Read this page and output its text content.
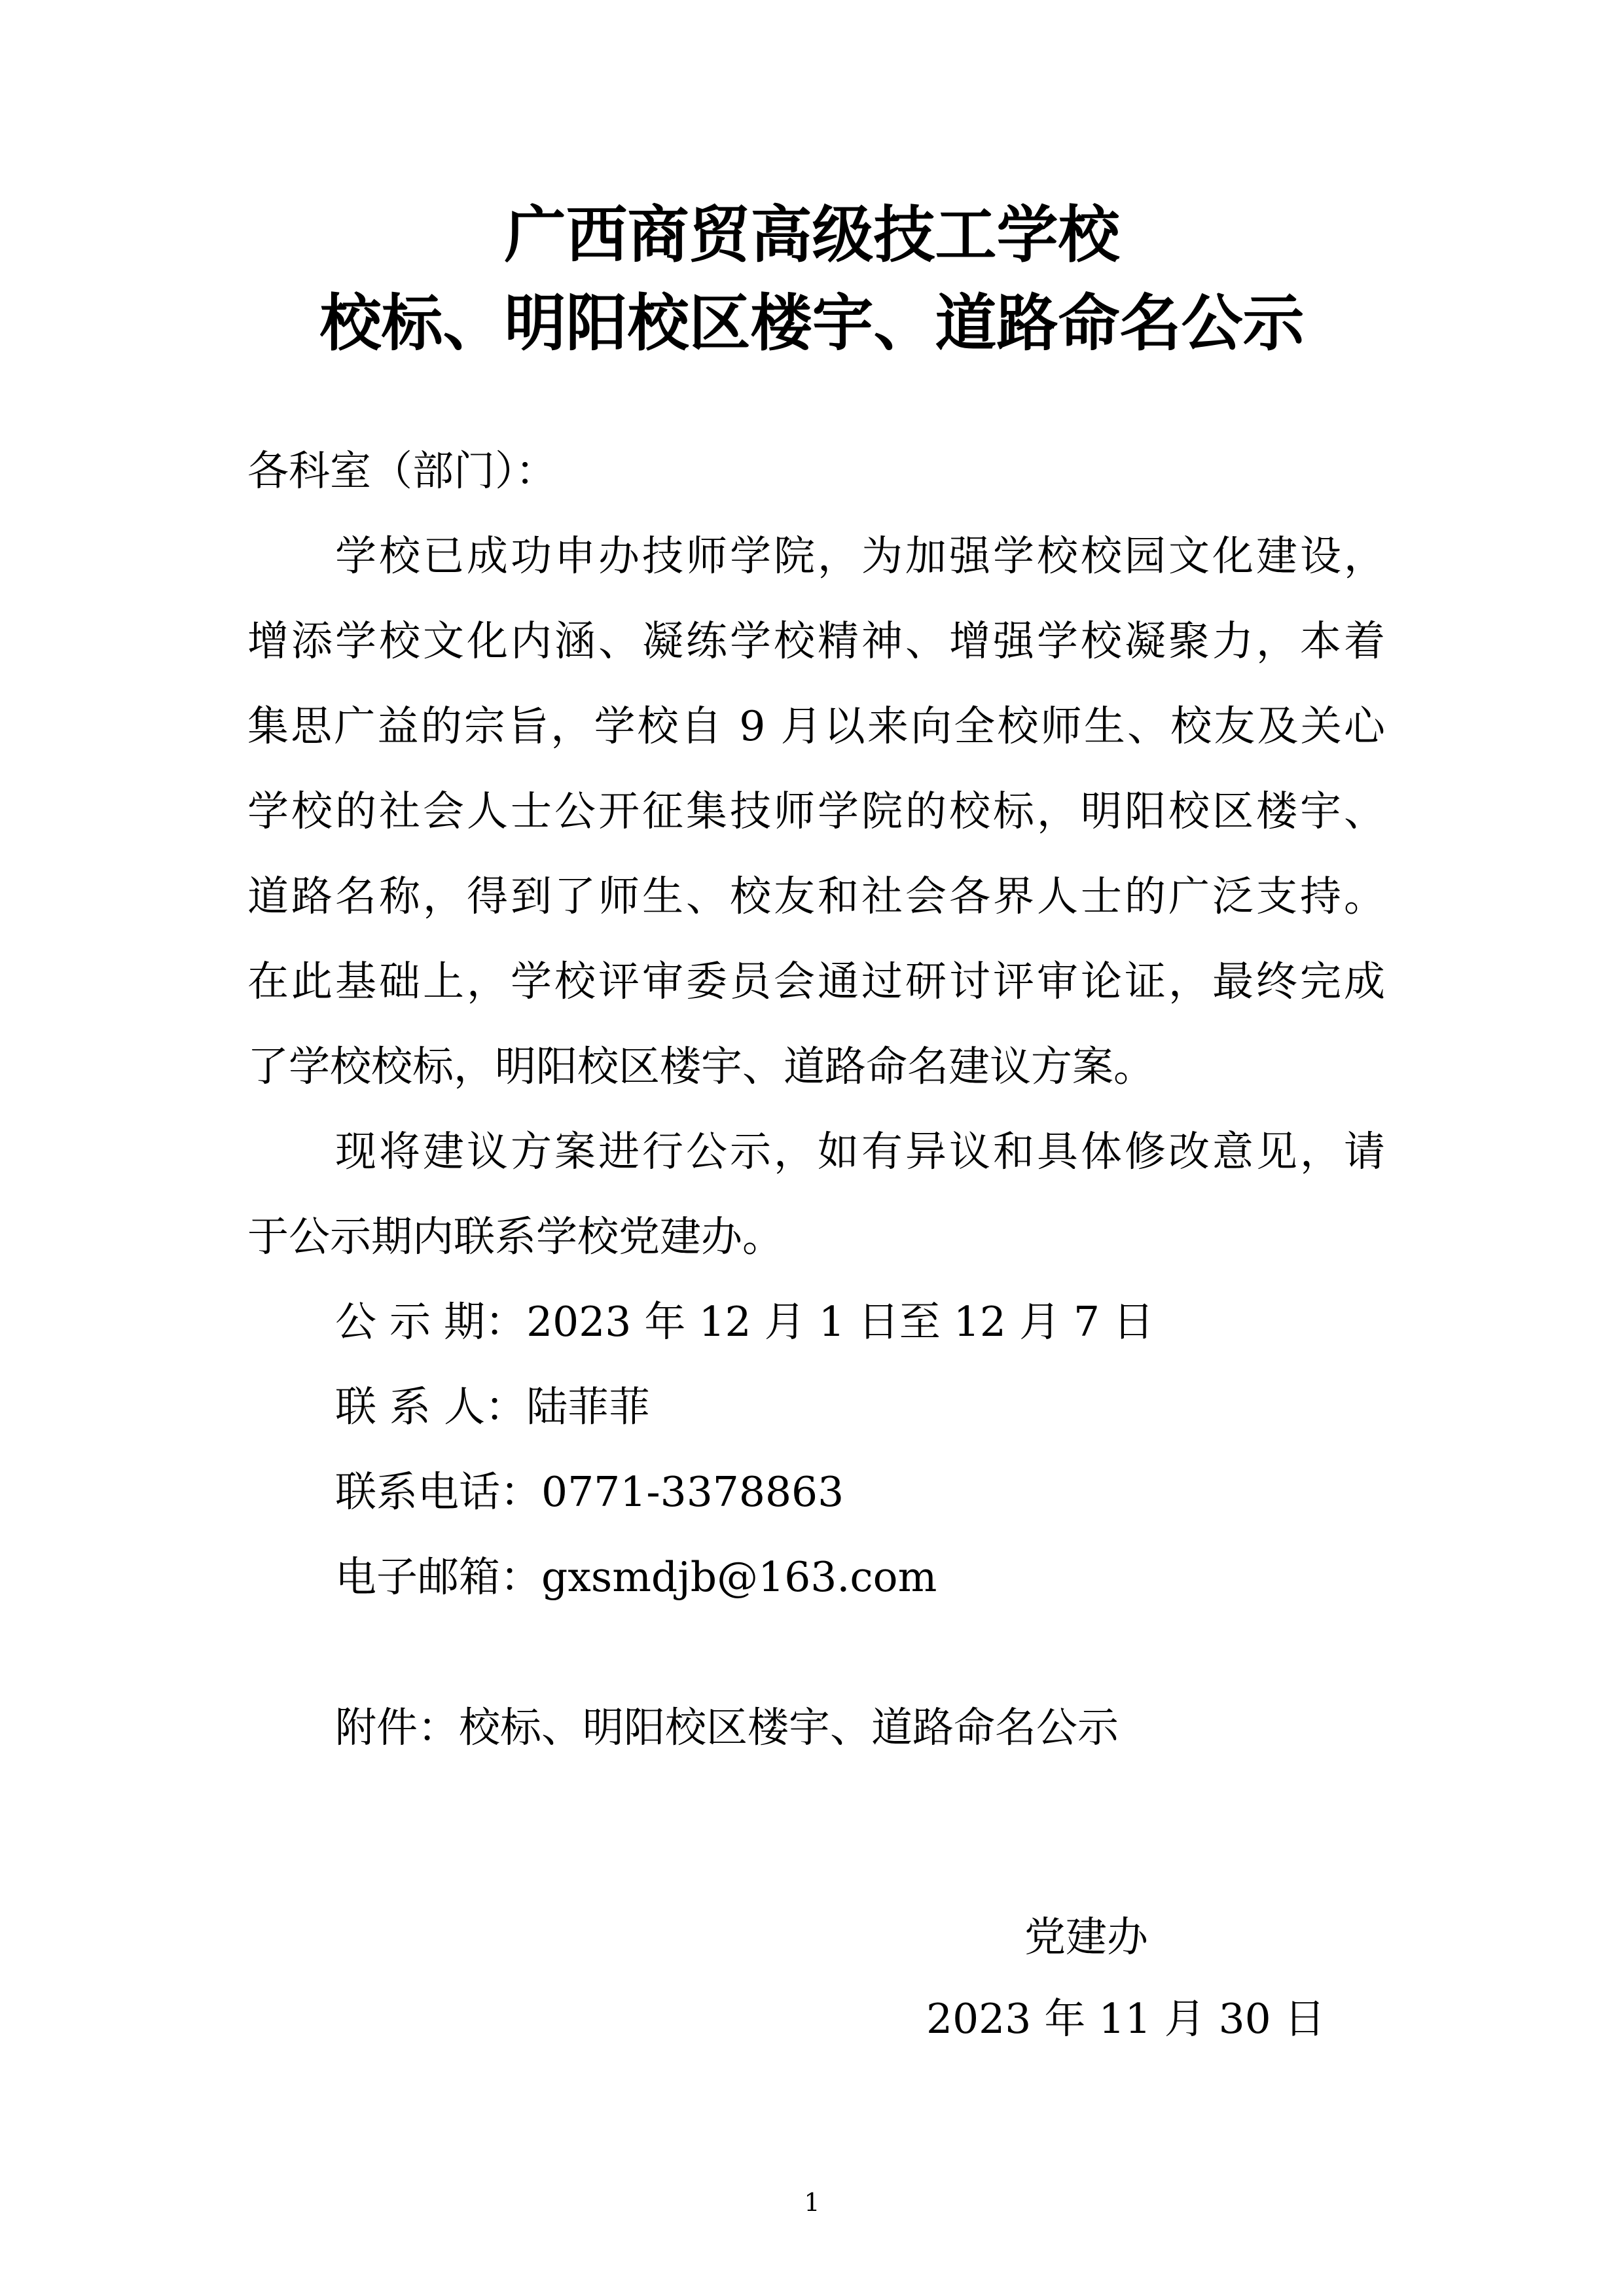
广西商贸高级技工学校
校标、明阳校区楼宇、道路命名公示

各科室（部门）：

学校已成功申办技师学院，为加强学校校园文化建设，

增添学校文化内涵、凝练学校精神、增强学校凝聚力，本着

集思广益的宗旨，学校自 9 月以来向全校师生、校友及关心

学校的社会人士公开征集技师学院的校标，明阳校区楼宇、

道路名称，得到了师生、校友和社会各界人士的广泛支持。

在此基础上，学校评审委员会通过研讨评审论证，最终完成

了学校校标，明阳校区楼宇、道路命名建议方案。

现将建议方案进行公示，如有异议和具体修改意见，请

于公示期内联系学校党建办。

公 示 期：2023 年 12 月 1 日至 12 月 7 日

联 系 人：陆菲菲

联系电话：0771-3378863

电子邮箱：gxsmdjb@163.com

附件：校标、明阳校区楼宇、道路命名公示

党建办

2023 年 11 月 30 日

1
